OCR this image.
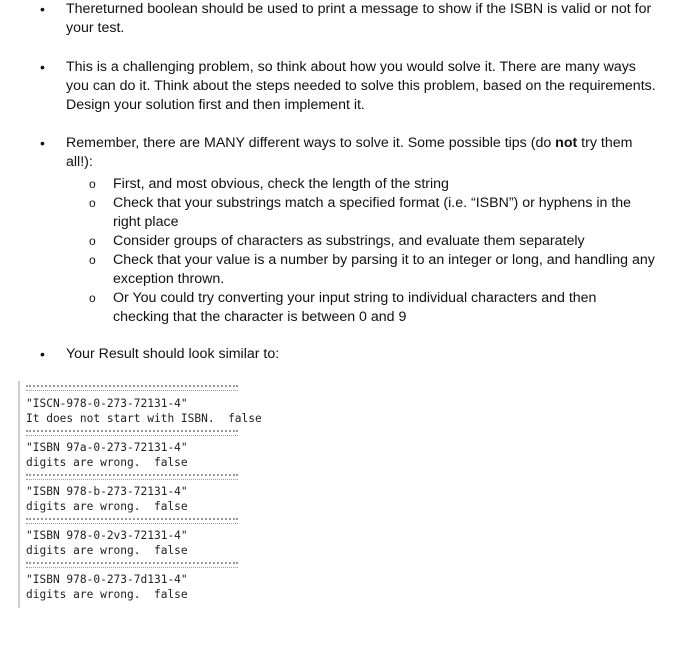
•	Thereturned boolean should be used to print a message to show if the ISBN is valid or not for your test.
•	This is a challenging problem, so think about how you would solve it. There are many ways you can do it. Think about the steps needed to solve this problem, based on the requirements. Design your solution first and then implement it.
•	Remember, there are MANY different ways to solve it. Some possible tips (do not try them all!):
o First, and most obvious, check the length of the string
o Check that your substrings match a specified format (i.e. “ISBN”) or hyphens in the right place
o Consider groups of characters as substrings, and evaluate them separately
o Check that your value is a number by parsing it to an integer or long, and handling any exception thrown.
o Or You could try converting your input string to individual characters and then checking that the character is between 0 and 9
•	Your Result should look similar to:
"ISCN-978-0-273-72131-4"
It does not start with ISBN.  false
"ISBN 97a-0-273-72131-4"
digits are wrong.  false
"ISBN 978-b-273-72131-4"
digits are wrong.  false
"ISBN 978-0-2v3-72131-4"
digits are wrong.  false
"ISBN 978-0-273-7d131-4"
digits are wrong.  false
